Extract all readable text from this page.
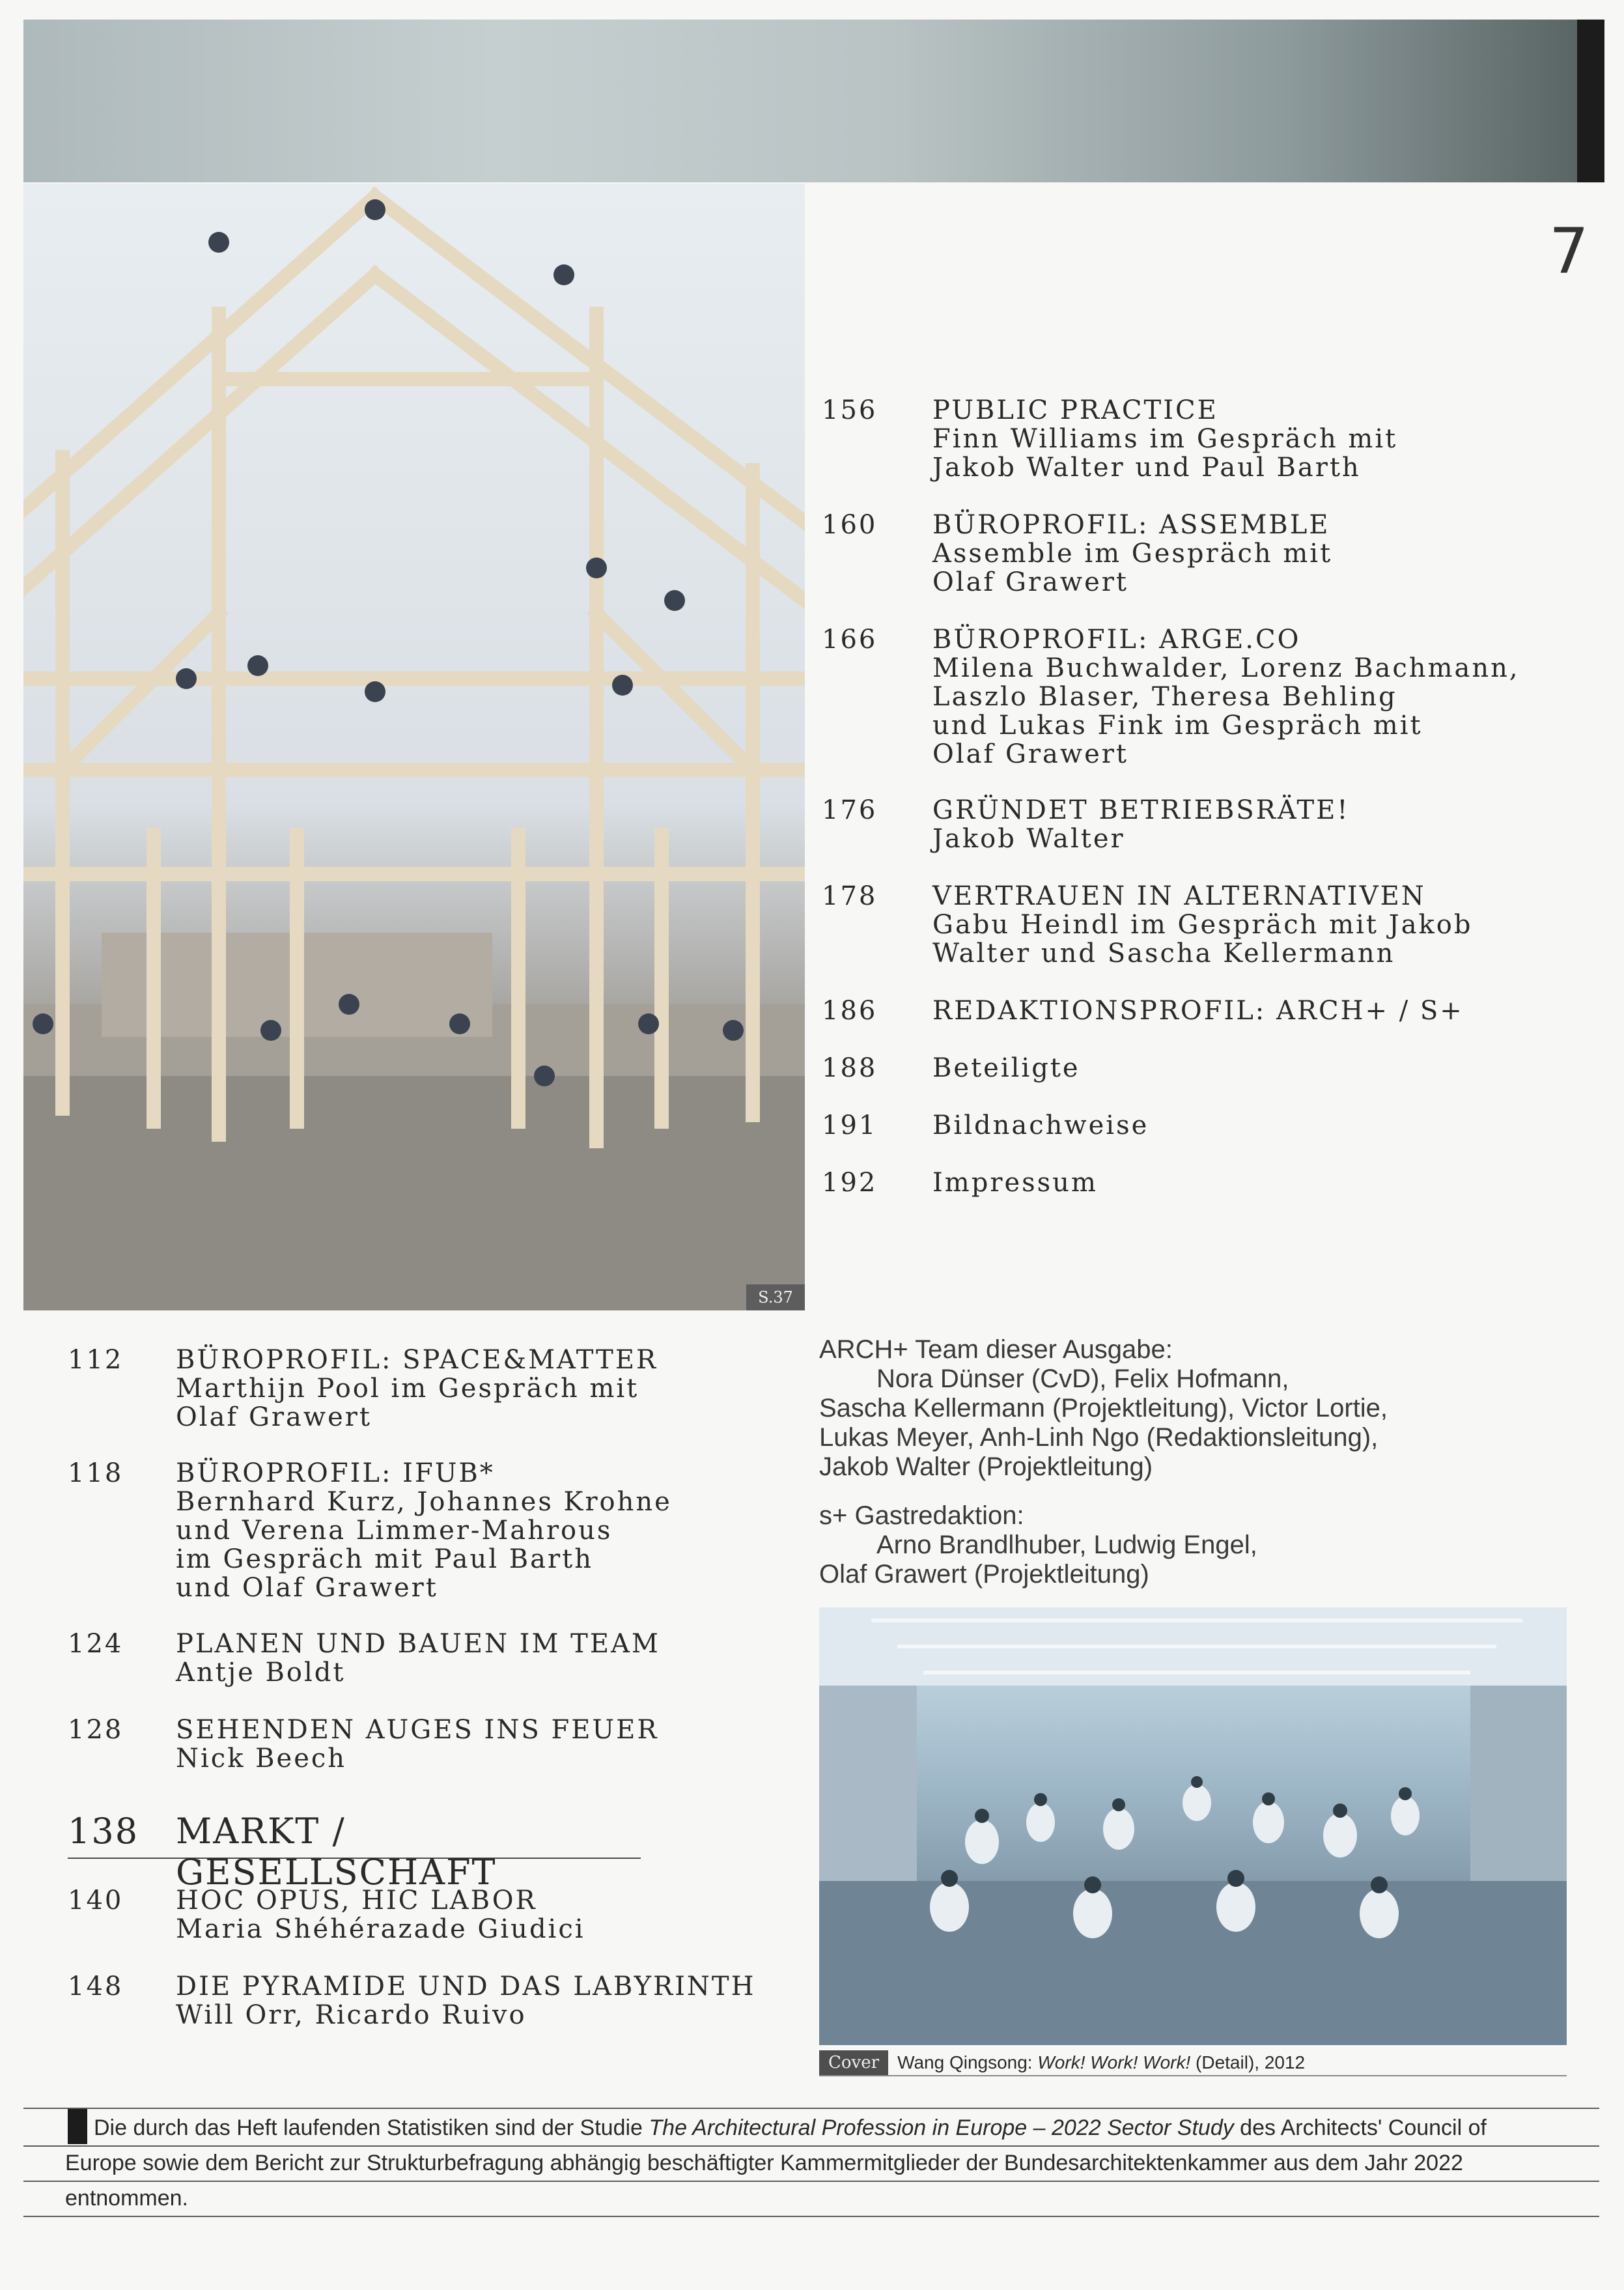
7
S.37
156 PUBLIC PRACTICE
Finn Williams im Gespräch mit
Jakob Walter und Paul Barth
160 BÜROPROFIL: ASSEMBLE
Assemble im Gespräch mit
Olaf Grawert
166 BÜROPROFIL: ARGE.CO
Milena Buchwalder, Lorenz Bachmann,
Laszlo Blaser, Theresa Behling
und Lukas Fink im Gespräch mit
Olaf Grawert
176 GRÜNDET BETRIEBSRÄTE!
Jakob Walter
178 VERTRAUEN IN ALTERNATIVEN
Gabu Heindl im Gespräch mit Jakob
Walter und Sascha Kellermann
186 REDAKTIONSPROFIL: ARCH+ / S+
188 Beteiligte
191 Bildnachweise
192 Impressum
112 BÜROPROFIL: SPACE&MATTER
Marthijn Pool im Gespräch mit
Olaf Grawert
118 BÜROPROFIL: IFUB*
Bernhard Kurz, Johannes Krohne
und Verena Limmer-Mahrous
im Gespräch mit Paul Barth
und Olaf Grawert
124 PLANEN UND BAUEN IM TEAM
Antje Boldt
128 SEHENDEN AUGES INS FEUER
Nick Beech
138 MARKT / GESELLSCHAFT
140 HOC OPUS, HIC LABOR
Maria Shéhérazade Giudici
148 DIE PYRAMIDE UND DAS LABYRINTH
Will Orr, Ricardo Ruivo
ARCH+ Team dieser Ausgabe:
Nora Dünser (CvD), Felix Hofmann,
Sascha Kellermann (Projektleitung), Victor Lortie,
Lukas Meyer, Anh-Linh Ngo (Redaktionsleitung),
Jakob Walter (Projektleitung)
s+ Gastredaktion:
Arno Brandlhuber, Ludwig Engel,
Olaf Grawert (Projektleitung)
Cover Wang Qingsong: Work! Work! Work! (Detail), 2012
Die durch das Heft laufenden Statistiken sind der Studie The Architectural Profession in Europe – 2022 Sector Study des Architects' Council of
Europe sowie dem Bericht zur Strukturbefragung abhängig beschäftigter Kammermitglieder der Bundesarchitektenkammer aus dem Jahr 2022
entnommen.
